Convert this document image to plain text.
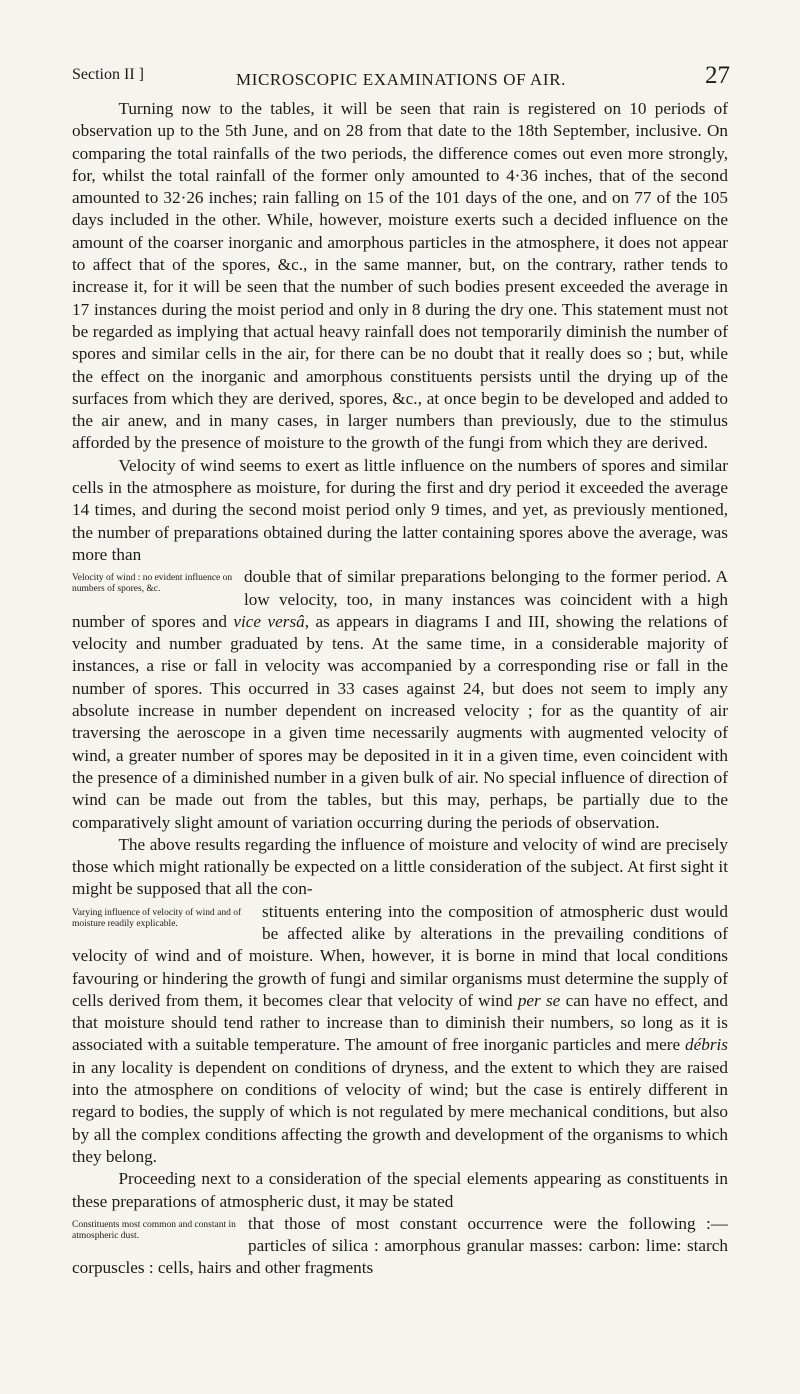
Section II ]	MICROSCOPIC EXAMINATIONS OF AIR.	27

Turning now to the tables, it will be seen that rain is registered on 10 periods of observation up to the 5th June, and on 28 from that date to the 18th September, inclusive. On comparing the total rainfalls of the two periods, the difference comes out even more strongly, for, whilst the total rainfall of the former only amounted to 4·36 inches, that of the second amounted to 32·26 inches; rain falling on 15 of the 101 days of the one, and on 77 of the 105 days included in the other. While, however, moisture exerts such a decided influence on the amount of the coarser inorganic and amorphous particles in the atmosphere, it does not appear to affect that of the spores, &c., in the same manner, but, on the contrary, rather tends to increase it, for it will be seen that the number of such bodies present exceeded the average in 17 instances during the moist period and only in 8 during the dry one. This statement must not be regarded as implying that actual heavy rainfall does not temporarily diminish the number of spores and similar cells in the air, for there can be no doubt that it really does so ; but, while the effect on the inorganic and amorphous constituents persists until the drying up of the surfaces from which they are derived, spores, &c., at once begin to be developed and added to the air anew, and in many cases, in larger numbers than previously, due to the stimulus afforded by the presence of moisture to the growth of the fungi from which they are derived.

Velocity of wind seems to exert as little influence on the numbers of spores and similar cells in the atmosphere as moisture, for during the first and dry period it exceeded the average 14 times, and during the second moist period only 9 times, and yet, as previously mentioned, the number of preparations obtained during the latter containing spores above the average, was more than

Velocity of wind : no evident influence on numbers of spores, &c.

double that of similar preparations belonging to the former period. A low velocity, too, in many instances was coincident with a high number of spores and vice versâ, as appears in diagrams I and III, showing the relations of velocity and number graduated by tens. At the same time, in a considerable majority of instances, a rise or fall in velocity was accompanied by a corresponding rise or fall in the number of spores. This occurred in 33 cases against 24, but does not seem to imply any absolute increase in number dependent on increased velocity ; for as the quantity of air traversing the aeroscope in a given time necessarily augments with augmented velocity of wind, a greater number of spores may be deposited in it in a given time, even coincident with the presence of a diminished number in a given bulk of air. No special influence of direction of wind can be made out from the tables, but this may, perhaps, be partially due to the comparatively slight amount of variation occurring during the periods of observation.

The above results regarding the influence of moisture and velocity of wind are precisely those which might rationally be expected on a little consideration of the subject. At first sight it might be supposed that all the con-

Varying influence of velocity of wind and of moisture readily explicable.

stituents entering into the composition of atmospheric dust would be affected alike by alterations in the prevailing conditions of velocity of wind and of moisture. When, however, it is borne in mind that local conditions favouring or hindering the growth of fungi and similar organisms must determine the supply of cells derived from them, it becomes clear that velocity of wind per se can have no effect, and that moisture should tend rather to increase than to diminish their numbers, so long as it is associated with a suitable temperature. The amount of free inorganic particles and mere débris in any locality is dependent on conditions of dryness, and the extent to which they are raised into the atmosphere on conditions of velocity of wind; but the case is entirely different in regard to bodies, the supply of which is not regulated by mere mechanical conditions, but also by all the complex conditions affecting the growth and development of the organisms to which they belong.

Proceeding next to a consideration of the special elements appearing as constituents in these preparations of atmospheric dust, it may be stated

Constituents most common and constant in atmospheric dust.

that those of most constant occurrence were the following :—particles of silica : amorphous granular masses: carbon: lime: starch corpuscles : cells, hairs and other fragments
